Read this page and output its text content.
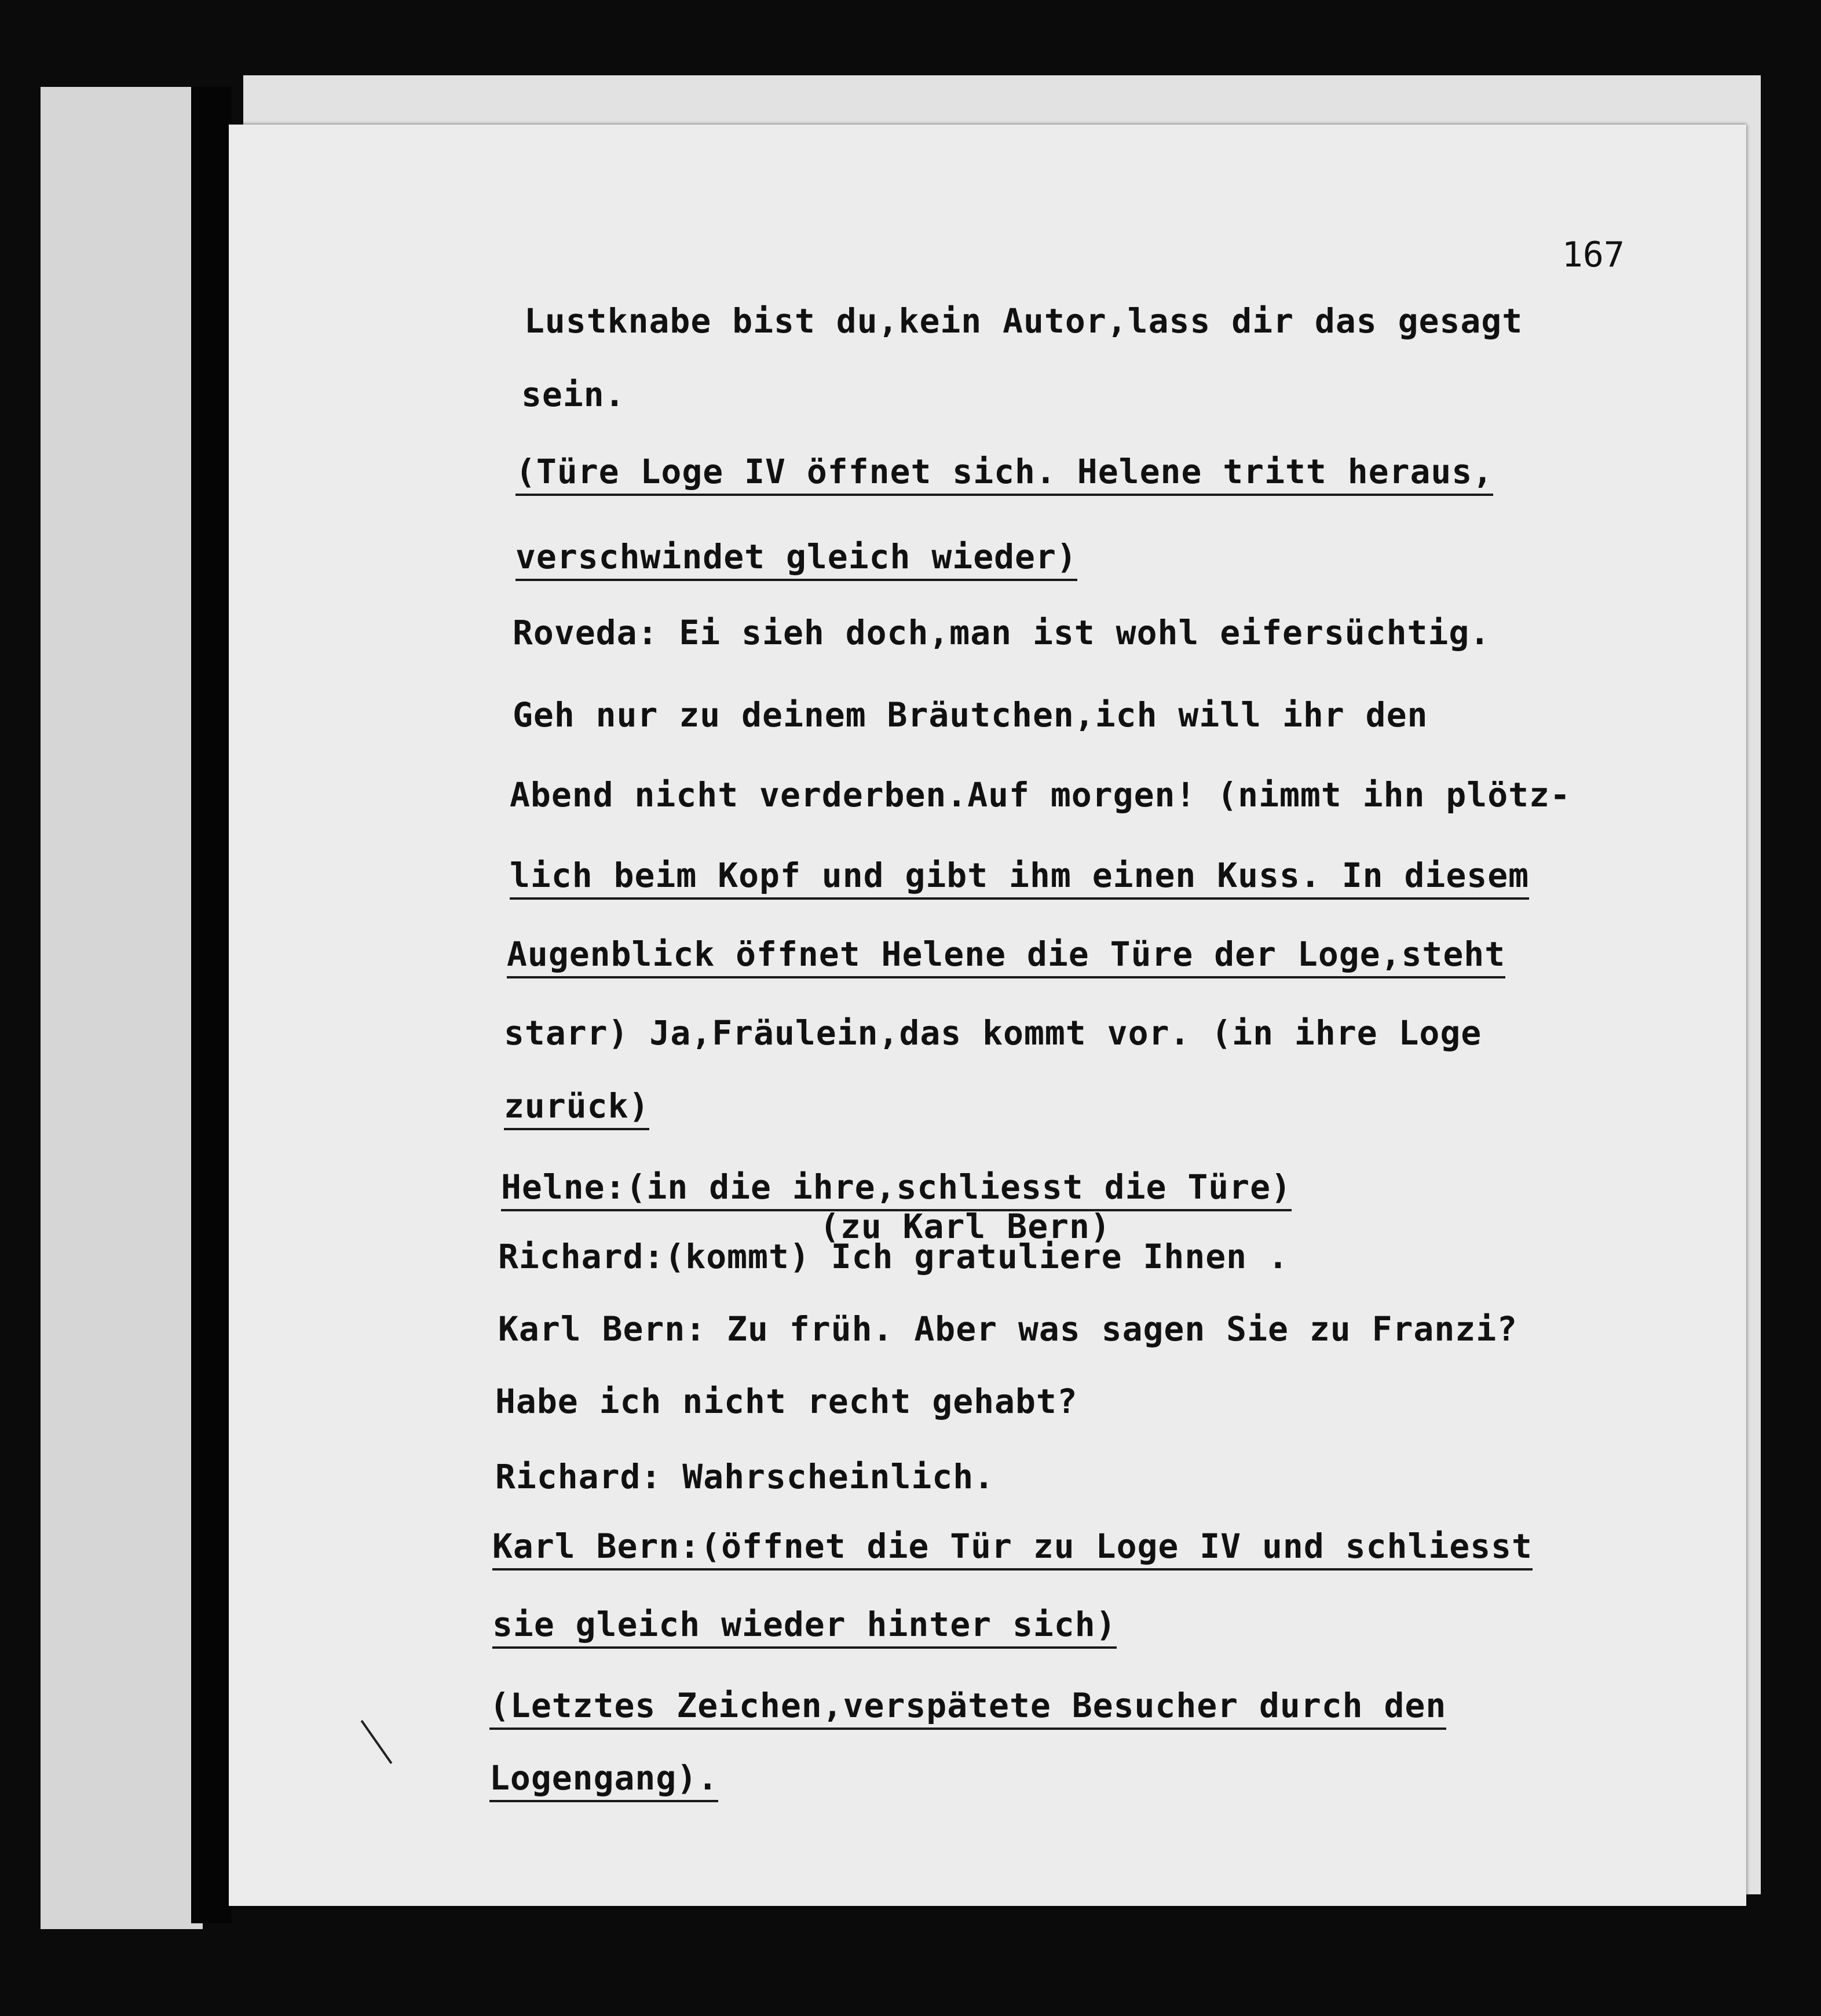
167
Lustknabe bist du,kein Autor,lass dir das gesagt
sein.
(Türe Loge IV öffnet sich. Helene tritt heraus,
verschwindet gleich wieder)
Roveda: Ei sieh doch,man ist wohl eifersüchtig.
Geh nur zu deinem Bräutchen,ich will ihr den
Abend nicht verderben.Auf morgen! (nimmt ihn plötz-
lich beim Kopf und gibt ihm einen Kuss. In diesem
Augenblick öffnet Helene die Türe der Loge,steht
starr) Ja,Fräulein,das kommt vor. (in ihre Loge
zurück)
Helne:(in die ihre,schliesst die Türe)
(zu Karl Bern)
Richard:(kommt) Ich gratuliere Ihnen .
Karl Bern: Zu früh. Aber was sagen Sie zu Franzi?
Habe ich nicht recht gehabt?
Richard: Wahrscheinlich.
Karl Bern:(öffnet die Tür zu Loge IV und schliesst
sie gleich wieder hinter sich)
(Letztes Zeichen,verspätete Besucher durch den
Logengang).
